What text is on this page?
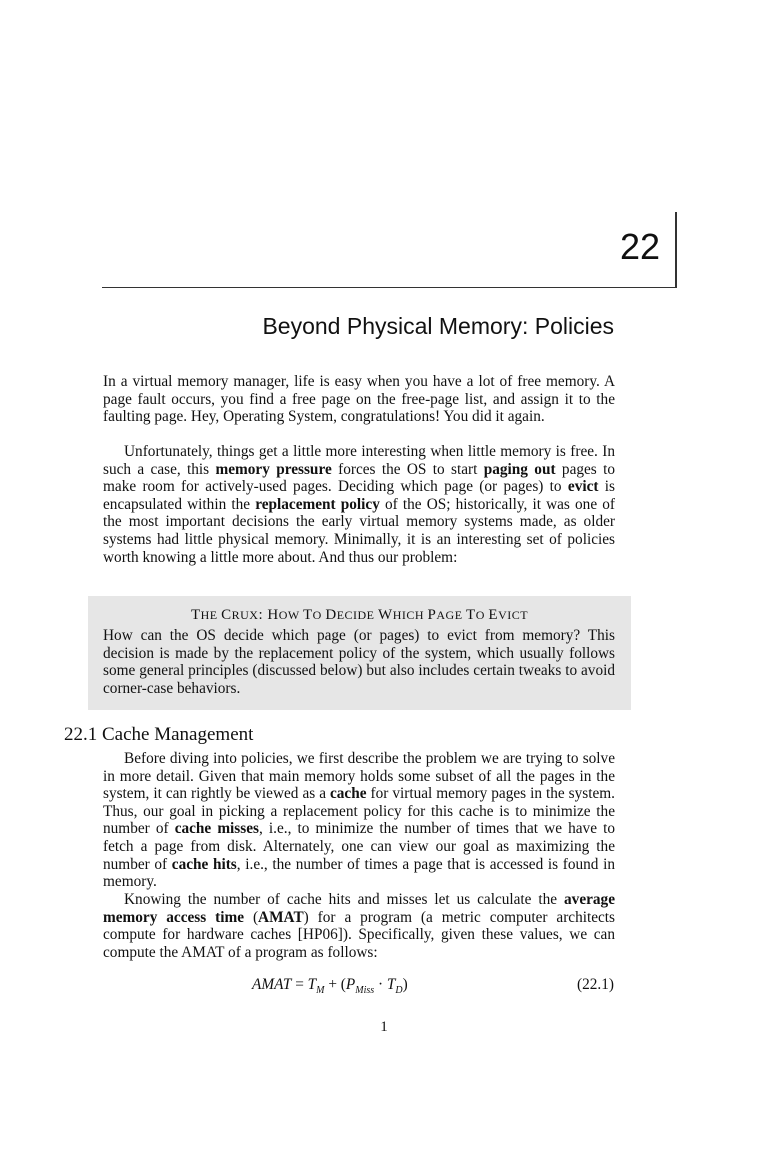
22
Beyond Physical Memory: Policies
In a virtual memory manager, life is easy when you have a lot of free memory. A page fault occurs, you find a free page on the free-page list, and assign it to the faulting page. Hey, Operating System, congratulations! You did it again.
Unfortunately, things get a little more interesting when little memory is free. In such a case, this memory pressure forces the OS to start paging out pages to make room for actively-used pages. Deciding which page (or pages) to evict is encapsulated within the replacement policy of the OS; historically, it was one of the most important decisions the early virtual memory systems made, as older systems had little physical memory. Minimally, it is an interesting set of policies worth knowing a little more about. And thus our problem:
THE CRUX: HOW TO DECIDE WHICH PAGE TO EVICT
How can the OS decide which page (or pages) to evict from memory? This decision is made by the replacement policy of the system, which usually follows some general principles (discussed below) but also includes certain tweaks to avoid corner-case behaviors.
22.1 Cache Management
Before diving into policies, we first describe the problem we are trying to solve in more detail. Given that main memory holds some subset of all the pages in the system, it can rightly be viewed as a cache for virtual memory pages in the system. Thus, our goal in picking a replacement policy for this cache is to minimize the number of cache misses, i.e., to minimize the number of times that we have to fetch a page from disk. Alternately, one can view our goal as maximizing the number of cache hits, i.e., the number of times a page that is accessed is found in memory.
Knowing the number of cache hits and misses let us calculate the average memory access time (AMAT) for a program (a metric computer architects compute for hardware caches [HP06]). Specifically, given these values, we can compute the AMAT of a program as follows:
AMAT = $T_M + (P_{Miss} \cdot T_D)$	(22.1)
1
